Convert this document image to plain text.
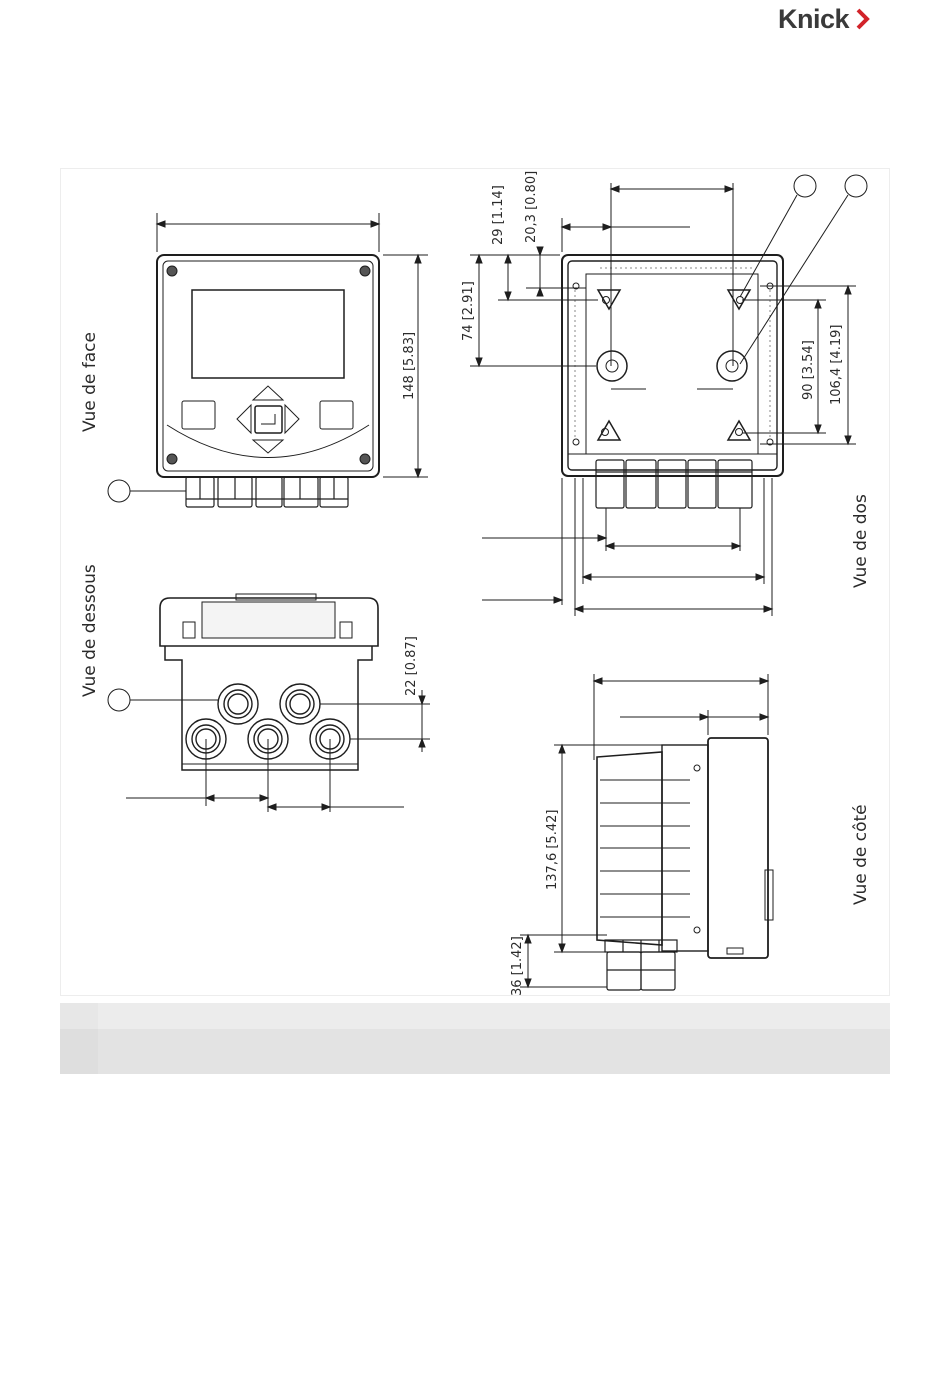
Knick
Vue de face
Vue de dessous
Vue de dos
Vue de côté
148 [5.83]
22 [0.87]
29 [1.14] 20,3 [0.80]
74 [2.91]
90 [3.54] 106,4 [4.19]
137,6 [5.42]
36 [1.42]
